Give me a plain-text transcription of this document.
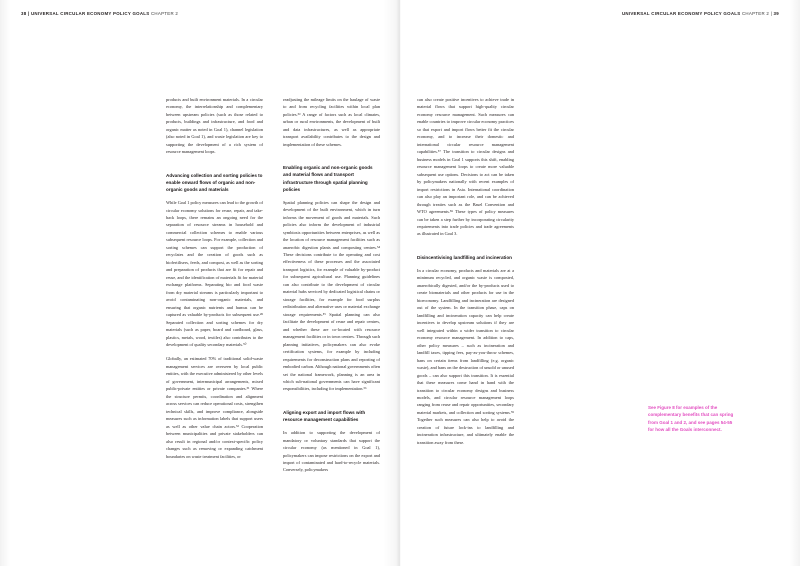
38 | UNIVERSAL CIRCULAR ECONOMY POLICY GOALS CHAPTER 2	UNIVERSAL CIRCULAR ECONOMY POLICY GOALS CHAPTER 2 | 39

products and built environment materials. In a circular economy, the interrelationship and complementary between upstream policies (such as those related to products, buildings and infrastructure, and food and organic matter as noted in Goal 1), channel legislation (also noted in Goal 1), and waste legislation are key to supporting the development of a rich system of resource management loops.

Advancing collection and sorting policies to enable onward flows of organic and non-organic goods and materials

While Goal 1 policy measures can lead to the growth of circular economy solutions for reuse, repair, and take-back loops, there remains an ongoing need for the separation of resource streams in household and commercial collection schemes to enable various subsequent resource loops. For example, collection and sorting schemes can support the production of recyclates and the creation of goods such as biofertilisers, feeds, and compost, as well as the sorting and preparation of products that are fit for repair and reuse, and the identification of materials fit for material exchange platforms. Separating bio and food waste from dry material streams is particularly important to avoid contaminating non-organic materials, and ensuring that organic nutrients and humus can be captured as valuable by-products for subsequent use.⁴⁹ Separated collection and sorting schemes for dry materials (such as paper, board and cardboard, glass, plastics, metals, wood, textiles) also contributes to the development of quality secondary materials.⁵⁰

Globally, an estimated 70% of traditional solid-waste management services are overseen by local public entities, with the executive administered by other levels of government, intermunicipal arrangements, mixed public-private entities or private companies.⁵¹ Where the structure permits, coordination and alignment across services can reduce operational costs, strengthen technical skills, and improve compliance, alongside measures such as information labels that support users as well as other value chain actors.⁵² Cooperation between municipalities and private stakeholders can also result in regional and/or context-specific policy changes such as removing or expanding catchment boundaries on waste treatment facilities, or

readjusting the mileage limits on the haulage of waste to and from recycling facilities within local plan policies.⁵³ A range of factors such as local climates, urban or rural environments, the development of built and data infrastructures, as well as appropriate transport availability contributes to the design and implementation of these schemes.

Enabling organic and non-organic goods and material flows and transport infrastructure through spatial planning policies

Spatial planning policies can shape the design and development of the built environment, which in turn informs the movement of goods and materials. Such policies also inform the development of industrial symbiosis opportunities between enterprises, as well as the location of resource management facilities such as anaerobic digestion plants and composting centres.⁵⁴ These decisions contribute to the operating and cost effectiveness of these processes and the associated transport logistics, for example of valuable by-product for subsequent agricultural use. Planning guidelines can also contribute to the development of circular material hubs serviced by dedicated logistical chains or storage facilities, for example for food surplus redistribution and alternative uses or material exchange storage requirements.⁵⁵ Spatial planning can also facilitate the development of reuse and repair centres, and whether these are co-located with resource management facilities or in town centres. Through such planning initiatives, policymakers can also evoke certification systems, for example by including requirements for deconstruction plans and reporting of embodied carbon. Although national governments often set the national framework, planning is an area in which sub-national governments can have significant responsibilities, including for implementation.⁵⁶

Aligning export and import flows with resource management capabilities

In addition to supporting the development of mandatory or voluntary standards that support the circular economy (as mentioned in Goal 1), policymakers can impose restrictions on the export and import of contaminated and hard-to-recycle materials. Conversely, policymakers

can also create positive incentives to achieve trade in material flows that support high-quality circular economy resource management. Such measures can enable countries to improve circular economy practices so that export and import flows better fit the circular economy, and to increase their domestic and international circular resource management capabilities.⁵⁷ The transition to circular designs and business models in Goal 1 supports this shift, enabling resource management loops to create more valuable subsequent use options. Decisions to act can be taken by policymakers nationally with recent examples of import restrictions in Asia. International coordination can also play an important role, and can be achieved through treaties such as the Basel Convention and WTO agreements.⁵⁸ These types of policy measures can be taken a step further by incorporating circularity requirements into trade policies and trade agreements as illustrated in Goal 3.

Disincentivising landfilling and incineration

In a circular economy, products and materials are at a minimum recycled, and organic waste is composted, anaerobically digested, and/or the by-products used to create biomaterials and other products for use in the bioeconomy. Landfilling and incineration are designed out of the system. In the transition phase, caps on landfilling and incineration capacity can help create incentives to develop upstream solutions if they are well integrated within a wider transition to circular economy resource management. In addition to caps, other policy measures – such as incineration and landfill taxes, tipping fees, pay-as-you-throw schemes, bans on certain items from landfilling (e.g. organic waste), and bans on the destruction of unsold or unused goods – can also support this transition. It is essential that these measures come hand in hand with the transition to circular economy designs and business models, and circular resource management loops ranging from reuse and repair opportunities, secondary material markets, and collection and sorting systems.⁵⁹ Together such measures can also help to avoid the creation of future lock-ins to landfilling and incineration infrastructure, and ultimately enable the transition away from these.

See Figure 8 for examples of the complementary benefits that can spring from Goal 1 and 2, and see pages 54-55 for how all the Goals interconnect.
